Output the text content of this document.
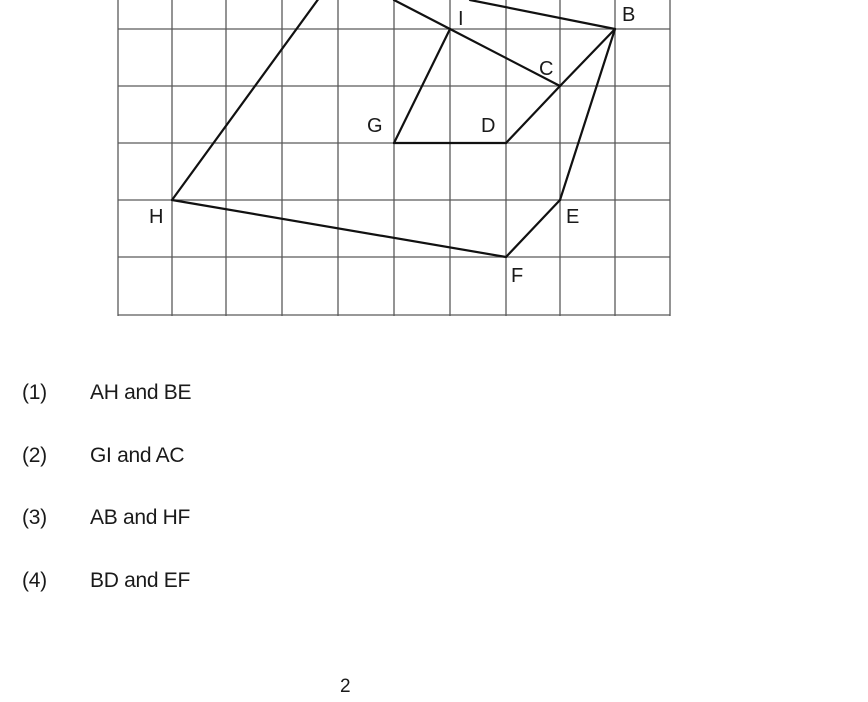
I	B
C
G	D
H	E
F
(1)	AH and BE
(2)	GI and AC
(3)	AB and HF
(4)	BD and EF
2
